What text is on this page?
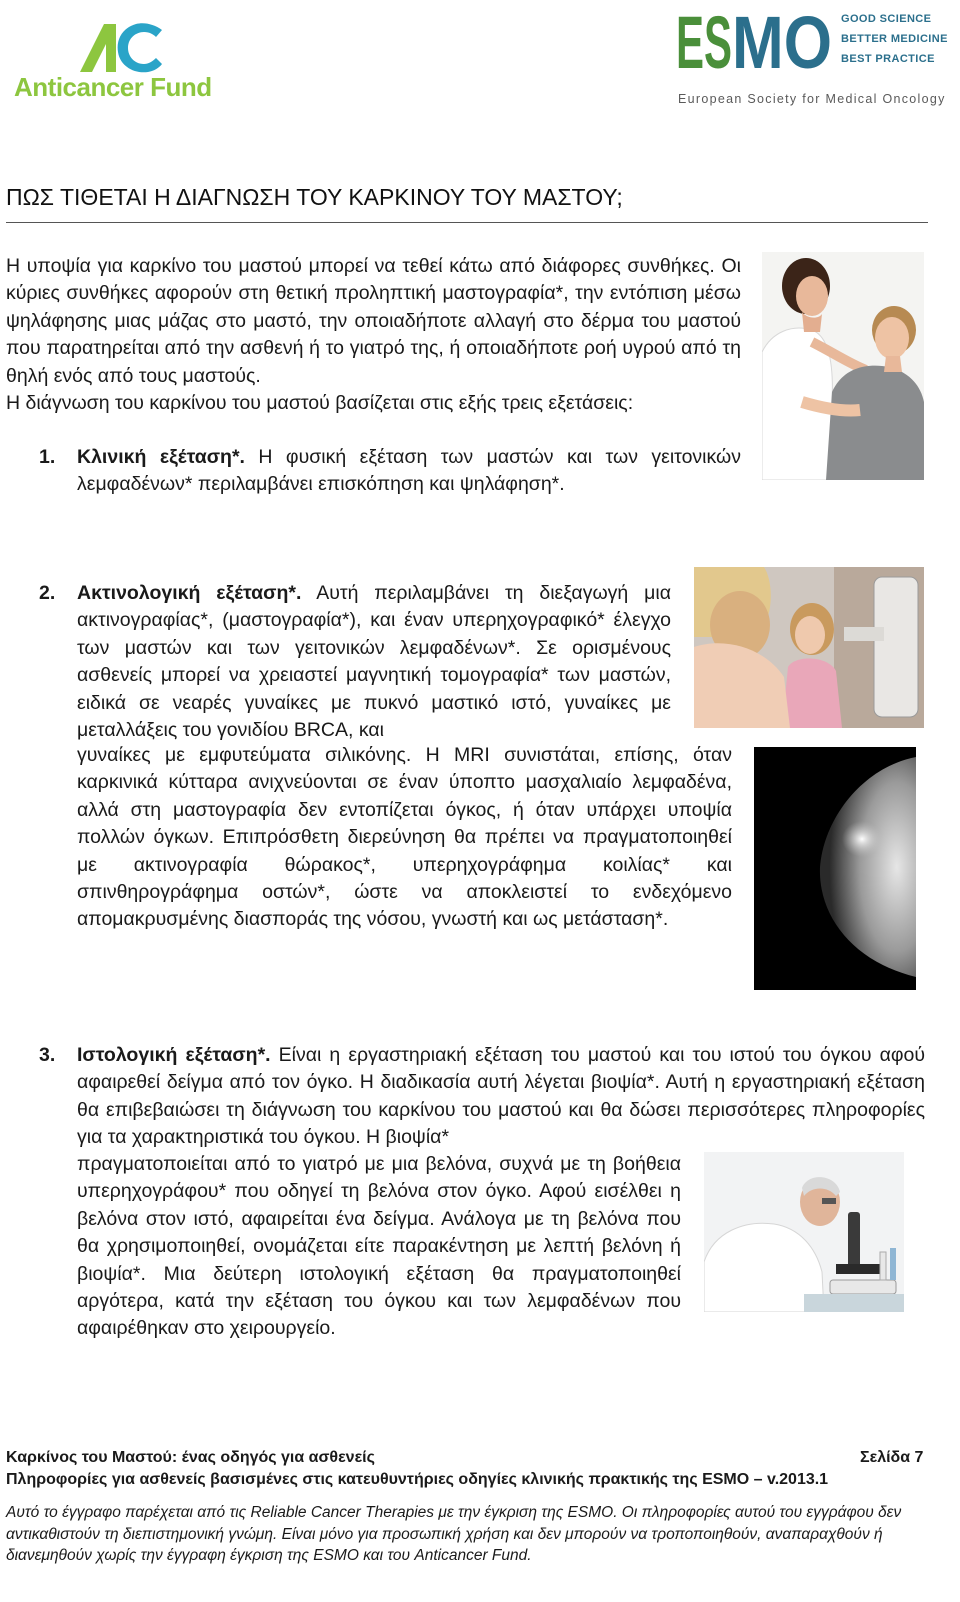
Anticancer Fund
ES MO GOOD SCIENCE
BETTER MEDICINE
BEST PRACTICE
European Society for Medical Oncology
ΠΩΣ ΤΙΘΕΤΑΙ Η ΔΙΑΓΝΩΣΗ ΤΟΥ ΚΑΡΚΙΝΟΥ ΤΟΥ ΜΑΣΤΟΥ;
Η υποψία για καρκίνο του μαστού μπορεί να τεθεί κάτω από διάφορες συνθήκες. Οι κύριες συνθήκες αφορούν στη θετική προληπτική μαστογραφία*, την εντόπιση μέσω ψηλάφησης μιας μάζας στο μαστό, την οποιαδήποτε αλλαγή στο δέρμα του μαστού που παρατηρείται από την ασθενή ή το γιατρό της, ή οποιαδήποτε ροή υγρού από τη θηλή ενός από τους μαστούς.
Η διάγνωση του καρκίνου του μαστού βασίζεται στις εξής τρεις εξετάσεις:
1. Κλινική εξέταση*. Η φυσική εξέταση των μαστών και των γειτονικών λεμφαδένων* περιλαμβάνει επισκόπηση και ψηλάφηση*.
2. Ακτινολογική εξέταση*. Αυτή περιλαμβάνει τη διεξαγωγή μια ακτινογραφίας*, (μαστογραφία*), και έναν υπερηχογραφικό* έλεγχο των μαστών και των γειτονικών λεμφαδένων*. Σε ορισμένους ασθενείς μπορεί να χρειαστεί μαγνητική τομογραφία* των μαστών, ειδικά σε νεαρές γυναίκες με πυκνό μαστικό ιστό, γυναίκες με μεταλλάξεις του γονιδίου BRCA, και
γυναίκες με εμφυτεύματα σιλικόνης. Η MRI συνιστάται, επίσης, όταν καρκινικά κύτταρα ανιχνεύονται σε έναν ύποπτο μασχαλιαίο λεμφαδένα, αλλά στη μαστογραφία δεν εντοπίζεται όγκος, ή όταν υπάρχει υποψία πολλών όγκων. Επιπρόσθετη διερεύνηση θα πρέπει να πραγματοποιηθεί με ακτινογραφία θώρακος*, υπερηχογράφημα κοιλίας* και σπινθηρογράφημα οστών*, ώστε να αποκλειστεί το ενδεχόμενο απομακρυσμένης διασποράς της νόσου, γνωστή και ως μετάσταση*.
3. Ιστολογική εξέταση*. Είναι η εργαστηριακή εξέταση του μαστού και του ιστού του όγκου αφού αφαιρεθεί δείγμα από τον όγκο. Η διαδικασία αυτή λέγεται βιοψία*. Αυτή η εργαστηριακή εξέταση θα επιβεβαιώσει τη διάγνωση του καρκίνου του μαστού και θα δώσει περισσότερες πληροφορίες για τα χαρακτηριστικά του όγκου. Η βιοψία*
πραγματοποιείται από το γιατρό με μια βελόνα, συχνά με τη βοήθεια υπερηχογράφου* που οδηγεί τη βελόνα στον όγκο. Αφού εισέλθει η βελόνα στον ιστό, αφαιρείται ένα δείγμα. Ανάλογα με τη βελόνα που θα χρησιμοποιηθεί, ονομάζεται είτε παρακέντηση με λεπτή βελόνη ή βιοψία*. Μια δεύτερη ιστολογική εξέταση θα πραγματοποιηθεί αργότερα, κατά την εξέταση του όγκου και των λεμφαδένων που αφαιρέθηκαν στο χειρουργείο.
Καρκίνος του Μαστού: ένας οδηγός για ασθενείς	Σελίδα 7
Πληροφορίες για ασθενείς βασισμένες στις κατευθυντήριες οδηγίες κλινικής πρακτικής της ESMO – v.2013.1
Αυτό το έγγραφο παρέχεται από τις Reliable Cancer Therapies με την έγκριση της ESMO. Οι πληροφορίες αυτού του εγγράφου δεν αντικαθιστούν τη διεπιστημονική γνώμη. Είναι μόνο για προσωπική χρήση και δεν μπορούν να τροποποιηθούν, αναπαραχθούν ή διανεμηθούν χωρίς την έγγραφη έγκριση της ESMO και του Anticancer Fund.
